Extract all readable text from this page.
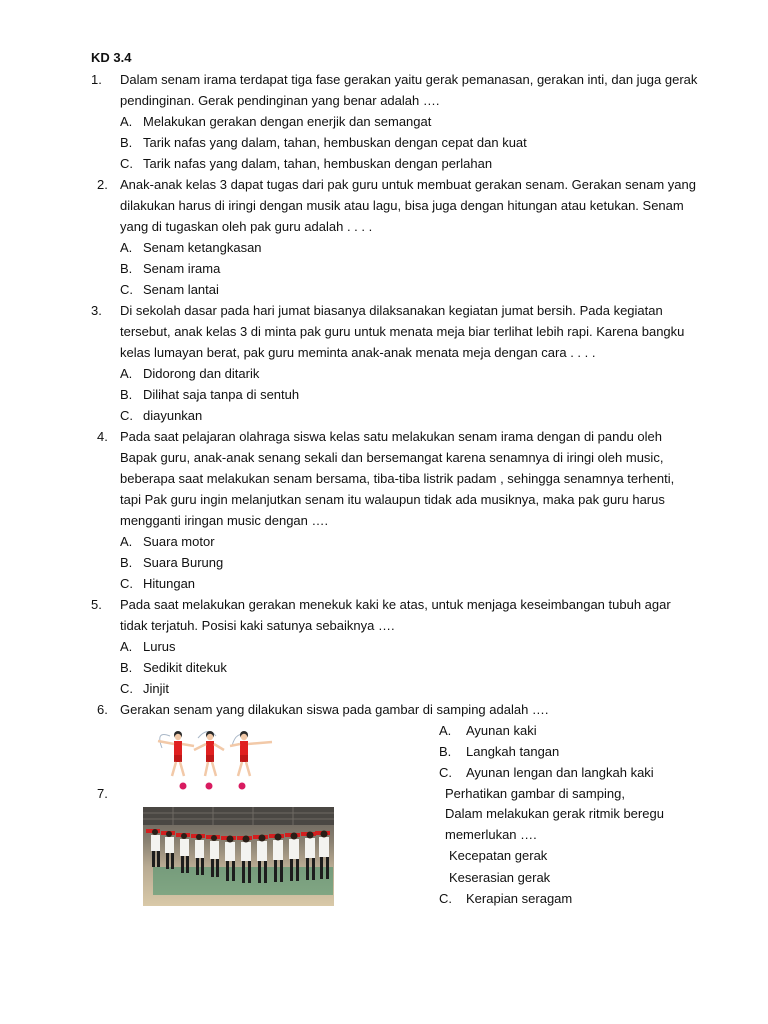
KD 3.4
1. Dalam senam irama terdapat tiga fase gerakan yaitu gerak pemanasan, gerakan inti, dan juga gerak
pendinginan. Gerak pendinginan yang benar adalah ….
A. Melakukan gerakan dengan enerjik dan semangat
B. Tarik nafas yang dalam, tahan, hembuskan dengan cepat dan kuat
C. Tarik nafas yang dalam, tahan, hembuskan dengan perlahan
2. Anak-anak kelas 3 dapat tugas dari pak guru untuk membuat gerakan senam. Gerakan senam yang
dilakukan harus di iringi dengan musik atau lagu, bisa juga dengan hitungan atau ketukan. Senam
yang di tugaskan oleh pak guru adalah . . . .
A. Senam ketangkasan
B. Senam irama
C. Senam lantai
3. Di sekolah dasar pada hari jumat biasanya dilaksanakan kegiatan jumat bersih. Pada kegiatan
tersebut, anak kelas 3 di minta pak guru untuk menata meja biar terlihat lebih rapi. Karena bangku
kelas lumayan berat, pak guru meminta anak-anak menata meja dengan cara . . . .
A. Didorong dan ditarik
B. Dilihat saja tanpa di sentuh
C. diayunkan
4. Pada saat pelajaran olahraga siswa kelas satu melakukan senam irama dengan di pandu oleh
Bapak guru, anak-anak senang sekali dan bersemangat karena senamnya di iringi oleh music,
beberapa saat melakukan senam bersama, tiba-tiba listrik padam , sehingga senamnya terhenti,
tapi Pak guru ingin melanjutkan senam itu walaupun tidak ada musiknya, maka pak guru harus
mengganti iringan music dengan ….
A. Suara motor
B. Suara Burung
C. Hitungan
5. Pada saat melakukan gerakan menekuk kaki ke atas, untuk menjaga keseimbangan tubuh agar
tidak terjatuh. Posisi kaki satunya sebaiknya ….
A. Lurus
B. Sedikit ditekuk
C. Jinjit
6. Gerakan senam yang dilakukan siswa pada gambar di samping adalah ….
A. Ayunan kaki
B. Langkah tangan
C. Ayunan lengan dan langkah kaki
7.	Perhatikan gambar di samping,
Dalam melakukan gerak ritmik beregu
memerlukan ….
Kecepatan gerak
Keserasian gerak
C. Kerapian seragam
